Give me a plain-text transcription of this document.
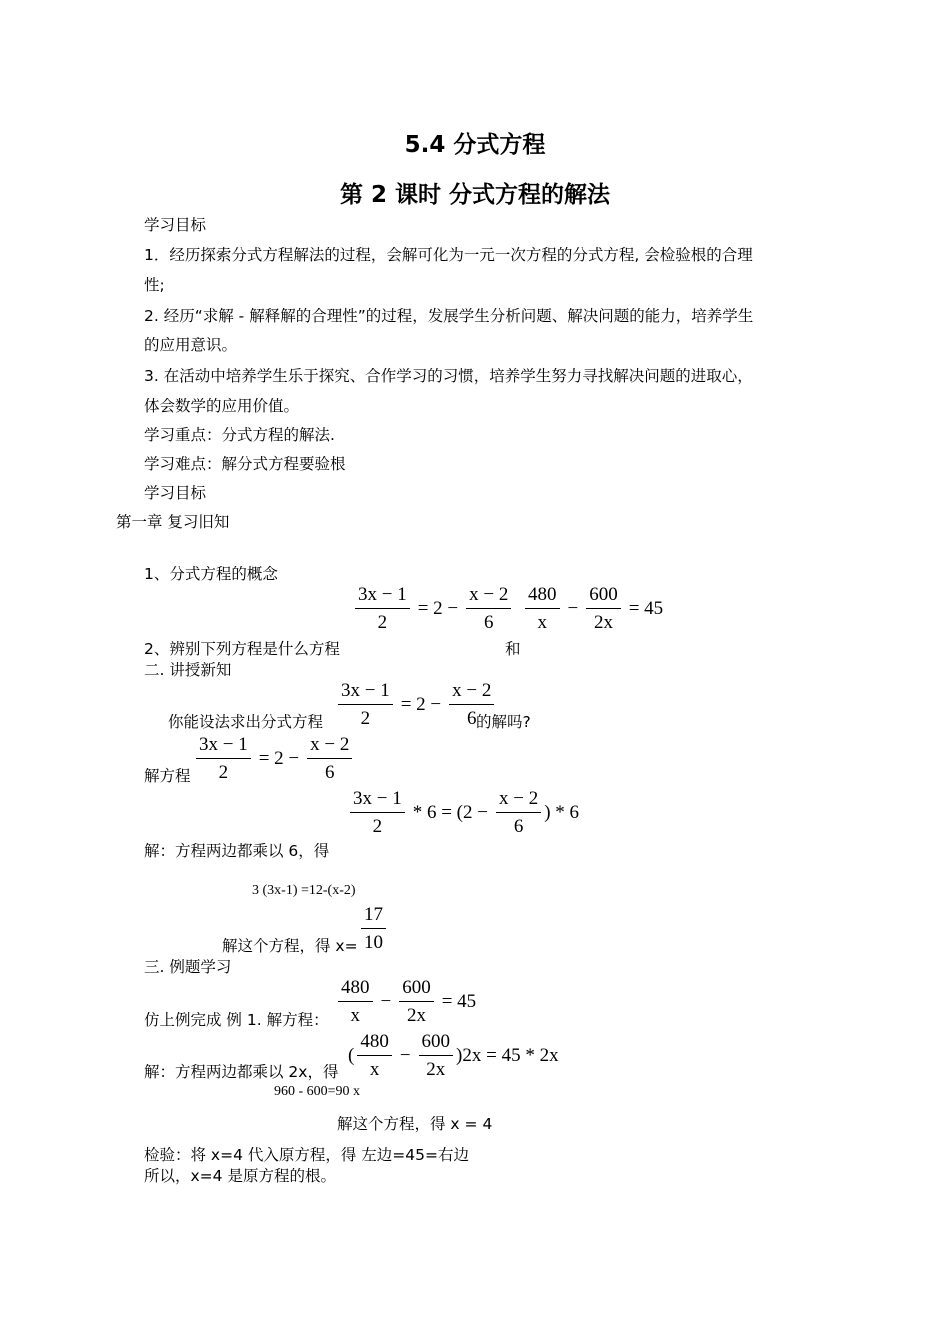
5.4 分式方程
第 2 课时 分式方程的解法
学习目标
1．经历探索分式方程解法的过程，会解可化为一元一次方程的分式方程, 会检验根的合理
性;
2. 经历“求解 - 解释解的合理性”的过程，发展学生分析问题、解决问题的能力，培养学生
的应用意识。
3. 在活动中培养学生乐于探究、合作学习的习惯，培养学生努力寻找解决问题的进取心，
体会数学的应用价值。
学习重点：分式方程的解法.
学习难点：解分式方程要验根
学习目标
第一章 复习旧知
1、分式方程的概念
$\frac{3x - 1}{2} = 2 - \frac{x - 2}{6} \frac{480}{x} - \frac{600}{2x} = 45$
2、辨别下列方程是什么方程	和
二. 讲授新知
$\frac{3x - 1}{2} = 2 - \frac{x - 2}{6}$
你能设法求出分式方程	的解吗?
$\frac{3x - 1}{2} = 2 - \frac{x - 2}{6}$
解方程
$\frac{3x - 1}{2} * 6 = (2 - \frac{x - 2}{6}$ ) * 6
解：方程两边都乘以 6，得
3 (3x-1) =12-(x-2)
解这个方程，得 $x= \frac{17}{10}$
三. 例题学习
$\frac{480}{x} - \frac{600}{2x} = 45$
仿上例完成 例 1. 解方程：
( $\frac{480}{x} - \frac{600}{2x} )2x = 45 * 2x$
解：方程两边都乘以 2x，得
960 - 600=90 x
解这个方程，得 x = 4
检验：将 x=4 代入原方程，得 左边=45=右边
所以，x=4 是原方程的根。
